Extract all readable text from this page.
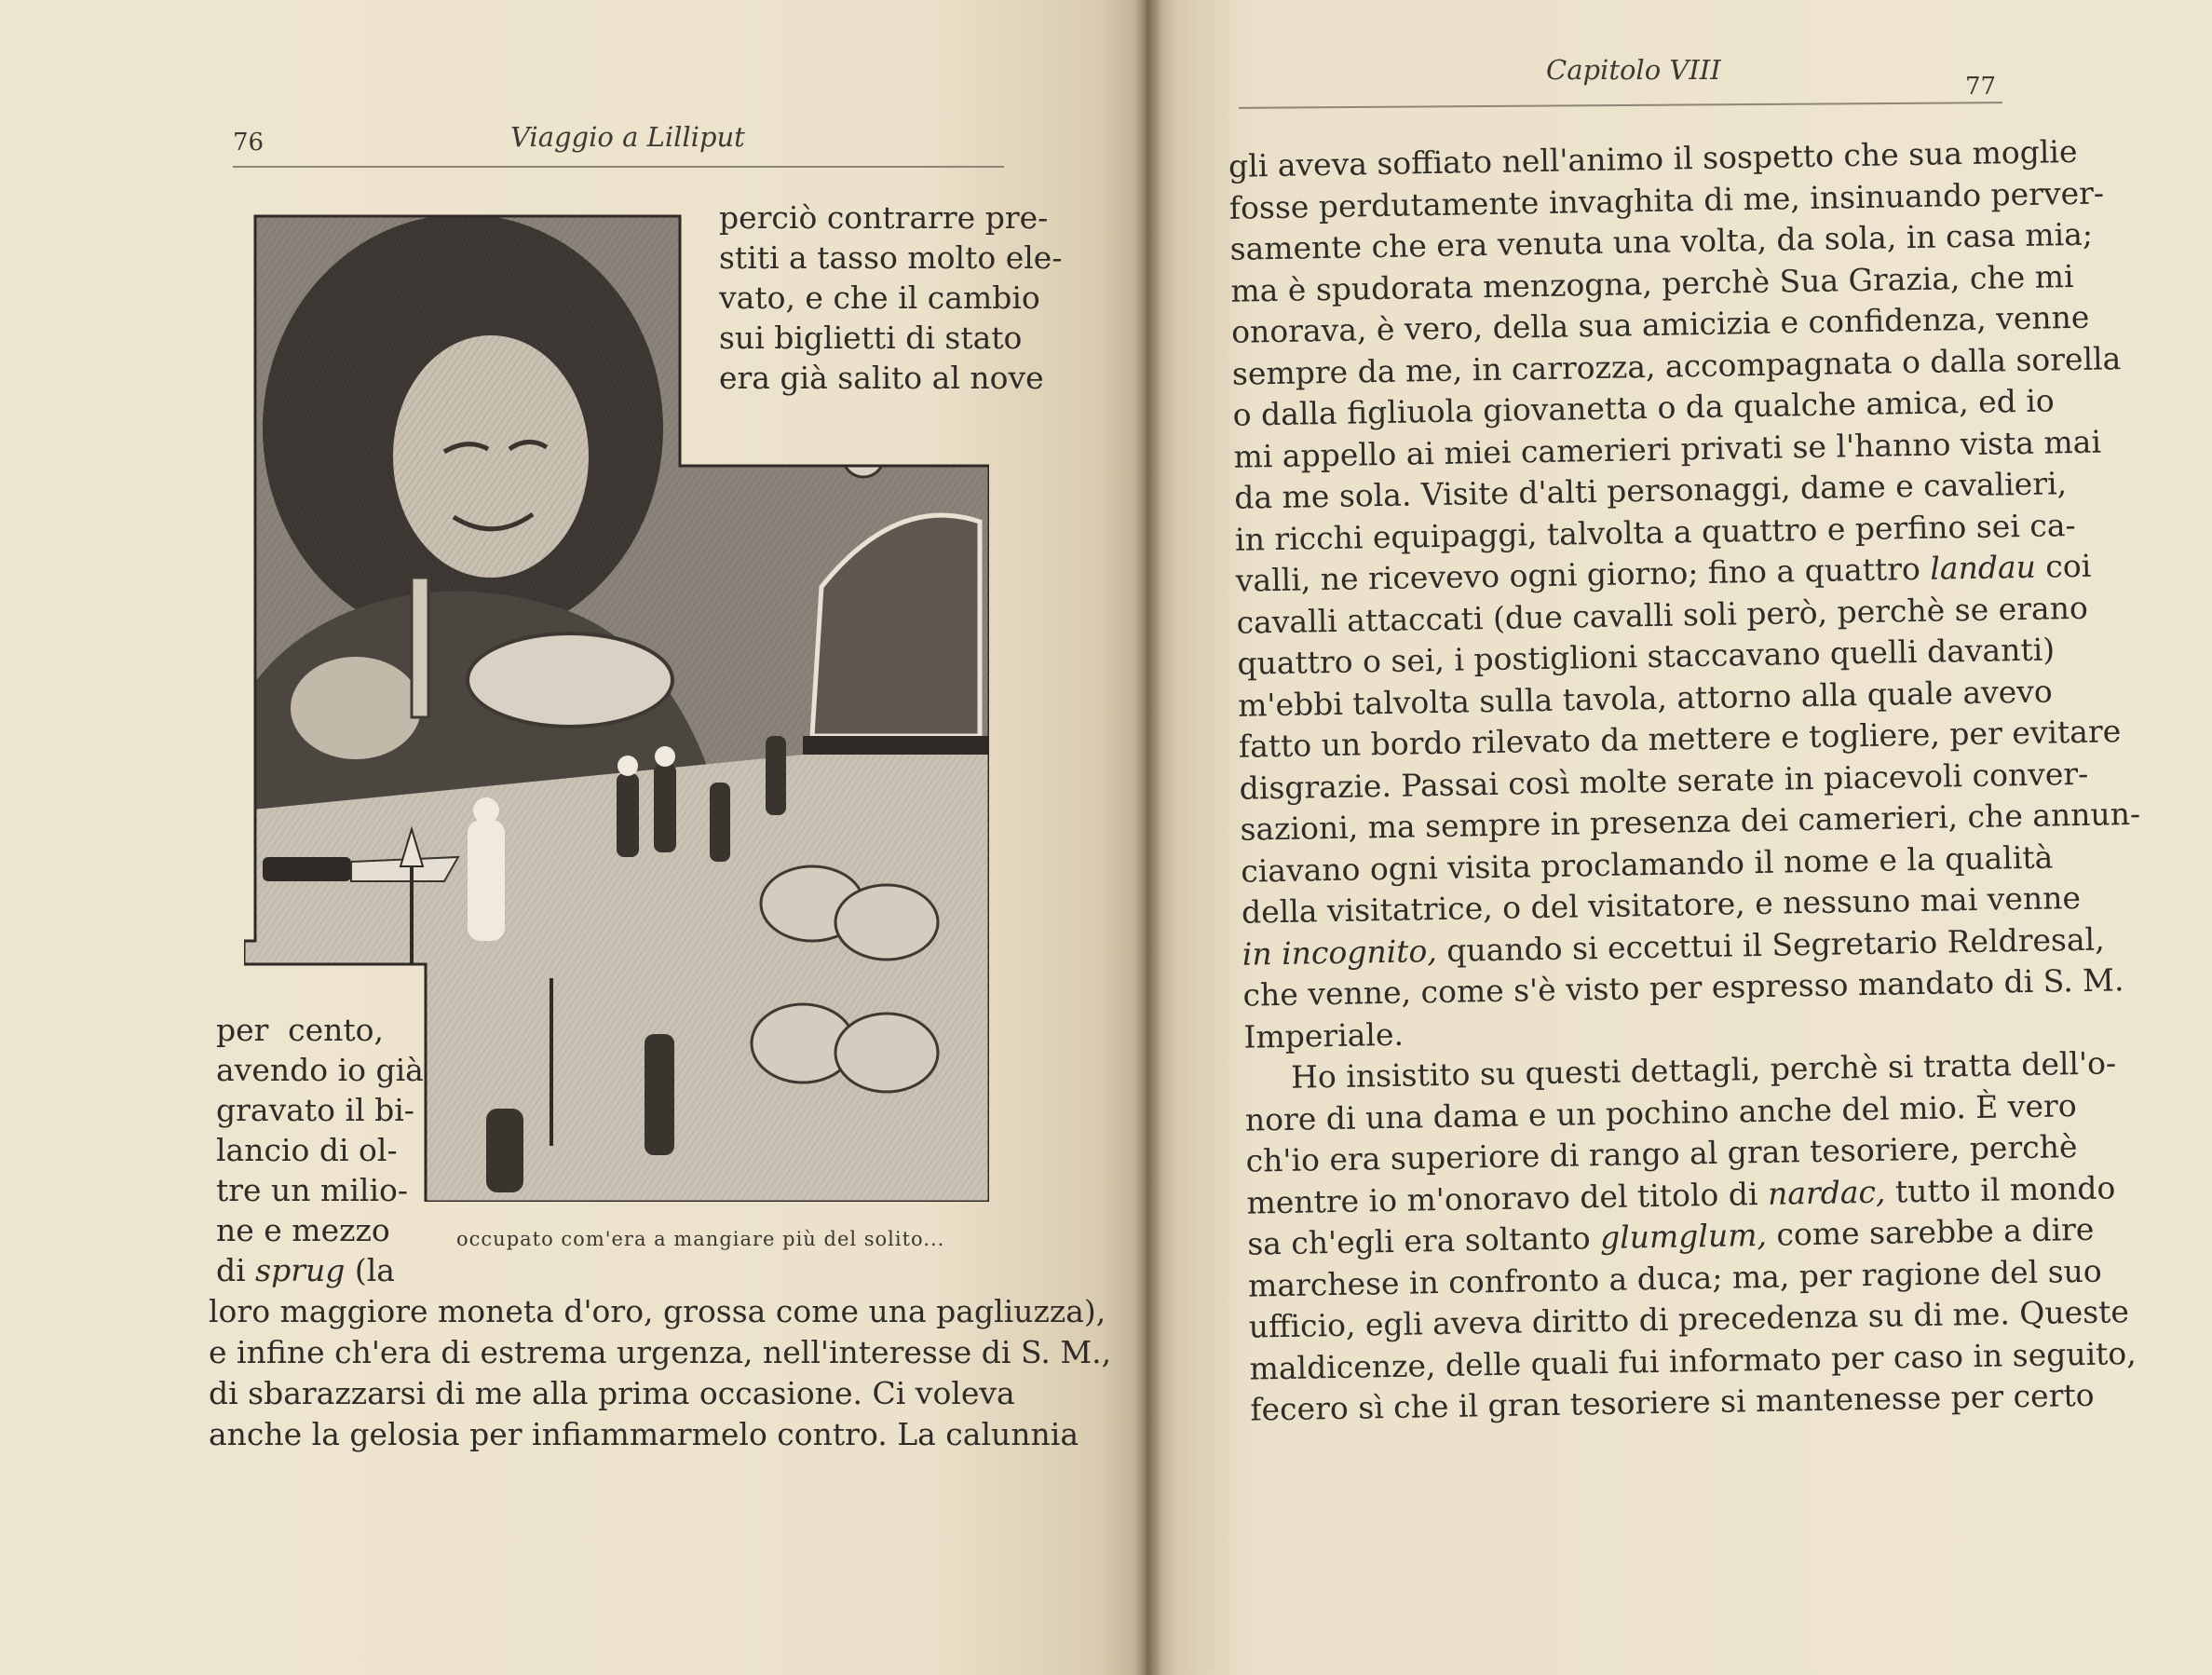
76	Viaggio a Lilliput
perciò contrarre pre-
stiti a tasso molto ele-
vato, e che il cambio
sui biglietti di stato
era già salito al nove
per cento,
avendo io già
gravato il bi-
lancio di ol-
tre un milio-
ne e mezzo
di sprug (la
occupato com'era a mangiare più del solito...
loro maggiore moneta d'oro, grossa come una pagliuzza),
e infine ch'era di estrema urgenza, nell'interesse di S. M.,
di sbarazzarsi di me alla prima occasione. Ci voleva
anche la gelosia per infiammarmelo contro. La calunnia
Capitolo VIII
77
gli aveva soffiato nell'animo il sospetto che sua moglie
fosse perdutamente invaghita di me, insinuando perver-
samente che era venuta una volta, da sola, in casa mia;
ma è spudorata menzogna, perchè Sua Grazia, che mi
onorava, è vero, della sua amicizia e confidenza, venne
sempre da me, in carrozza, accompagnata o dalla sorella
o dalla figliuola giovanetta o da qualche amica, ed io
mi appello ai miei camerieri privati se l'hanno vista mai
da me sola. Visite d'alti personaggi, dame e cavalieri,
in ricchi equipaggi, talvolta a quattro e perfino sei ca-
valli, ne ricevevo ogni giorno; fino a quattro landau coi
cavalli attaccati (due cavalli soli però, perchè se erano
quattro o sei, i postiglioni staccavano quelli davanti)
m'ebbi talvolta sulla tavola, attorno alla quale avevo
fatto un bordo rilevato da mettere e togliere, per evitare
disgrazie. Passai così molte serate in piacevoli conver-
sazioni, ma sempre in presenza dei camerieri, che annun-
ciavano ogni visita proclamando il nome e la qualità
della visitatrice, o del visitatore, e nessuno mai venne
in incognito, quando si eccettui il Segretario Reldresal,
che venne, come s'è visto per espresso mandato di S. M.
Imperiale.
Ho insistito su questi dettagli, perchè si tratta dell'o-
nore di una dama e un pochino anche del mio. È vero
ch'io era superiore di rango al gran tesoriere, perchè
mentre io m'onoravo del titolo di nardac, tutto il mondo
sa ch'egli era soltanto glumglum, come sarebbe a dire
marchese in confronto a duca; ma, per ragione del suo
ufficio, egli aveva diritto di precedenza su di me. Queste
maldicenze, delle quali fui informato per caso in seguito,
fecero sì che il gran tesoriere si mantenesse per certo
